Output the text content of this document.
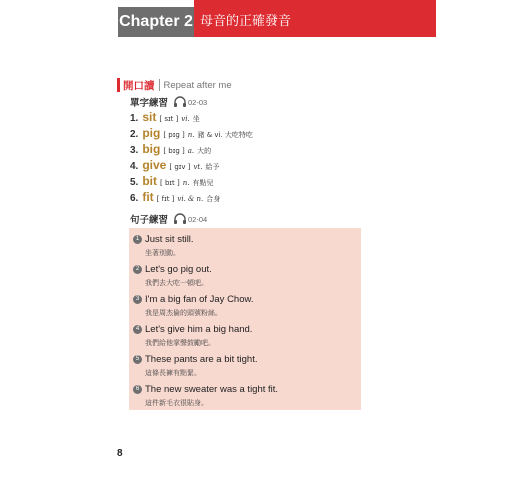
Chapter 2 母音的正確發音
開口讀 Repeat after me
單字練習	02-03
1. sit [ sɪt ] vi. 坐
2. pig [ pɪg ] n. 豬 & vi. 大吃特吃
3. big [ bɪg ] a. 大的
4. give [ gɪv ] vt. 給予
5. bit [ bɪt ] n. 有點兒
6. fit [ fɪt ] vi. & n. 合身
句子練習	02-04
1 Just sit still.
坐著別動。
2 Let's go pig out.
我們去大吃一頓吧。
3 I'm a big fan of Jay Chow.
我是周杰倫的頭號粉絲。
4 Let's give him a big hand.
我們給他掌聲鼓勵吧。
5 These pants are a bit tight.
這條長褲有點緊。
6 The new sweater was a tight fit.
這件新毛衣很貼身。
8
